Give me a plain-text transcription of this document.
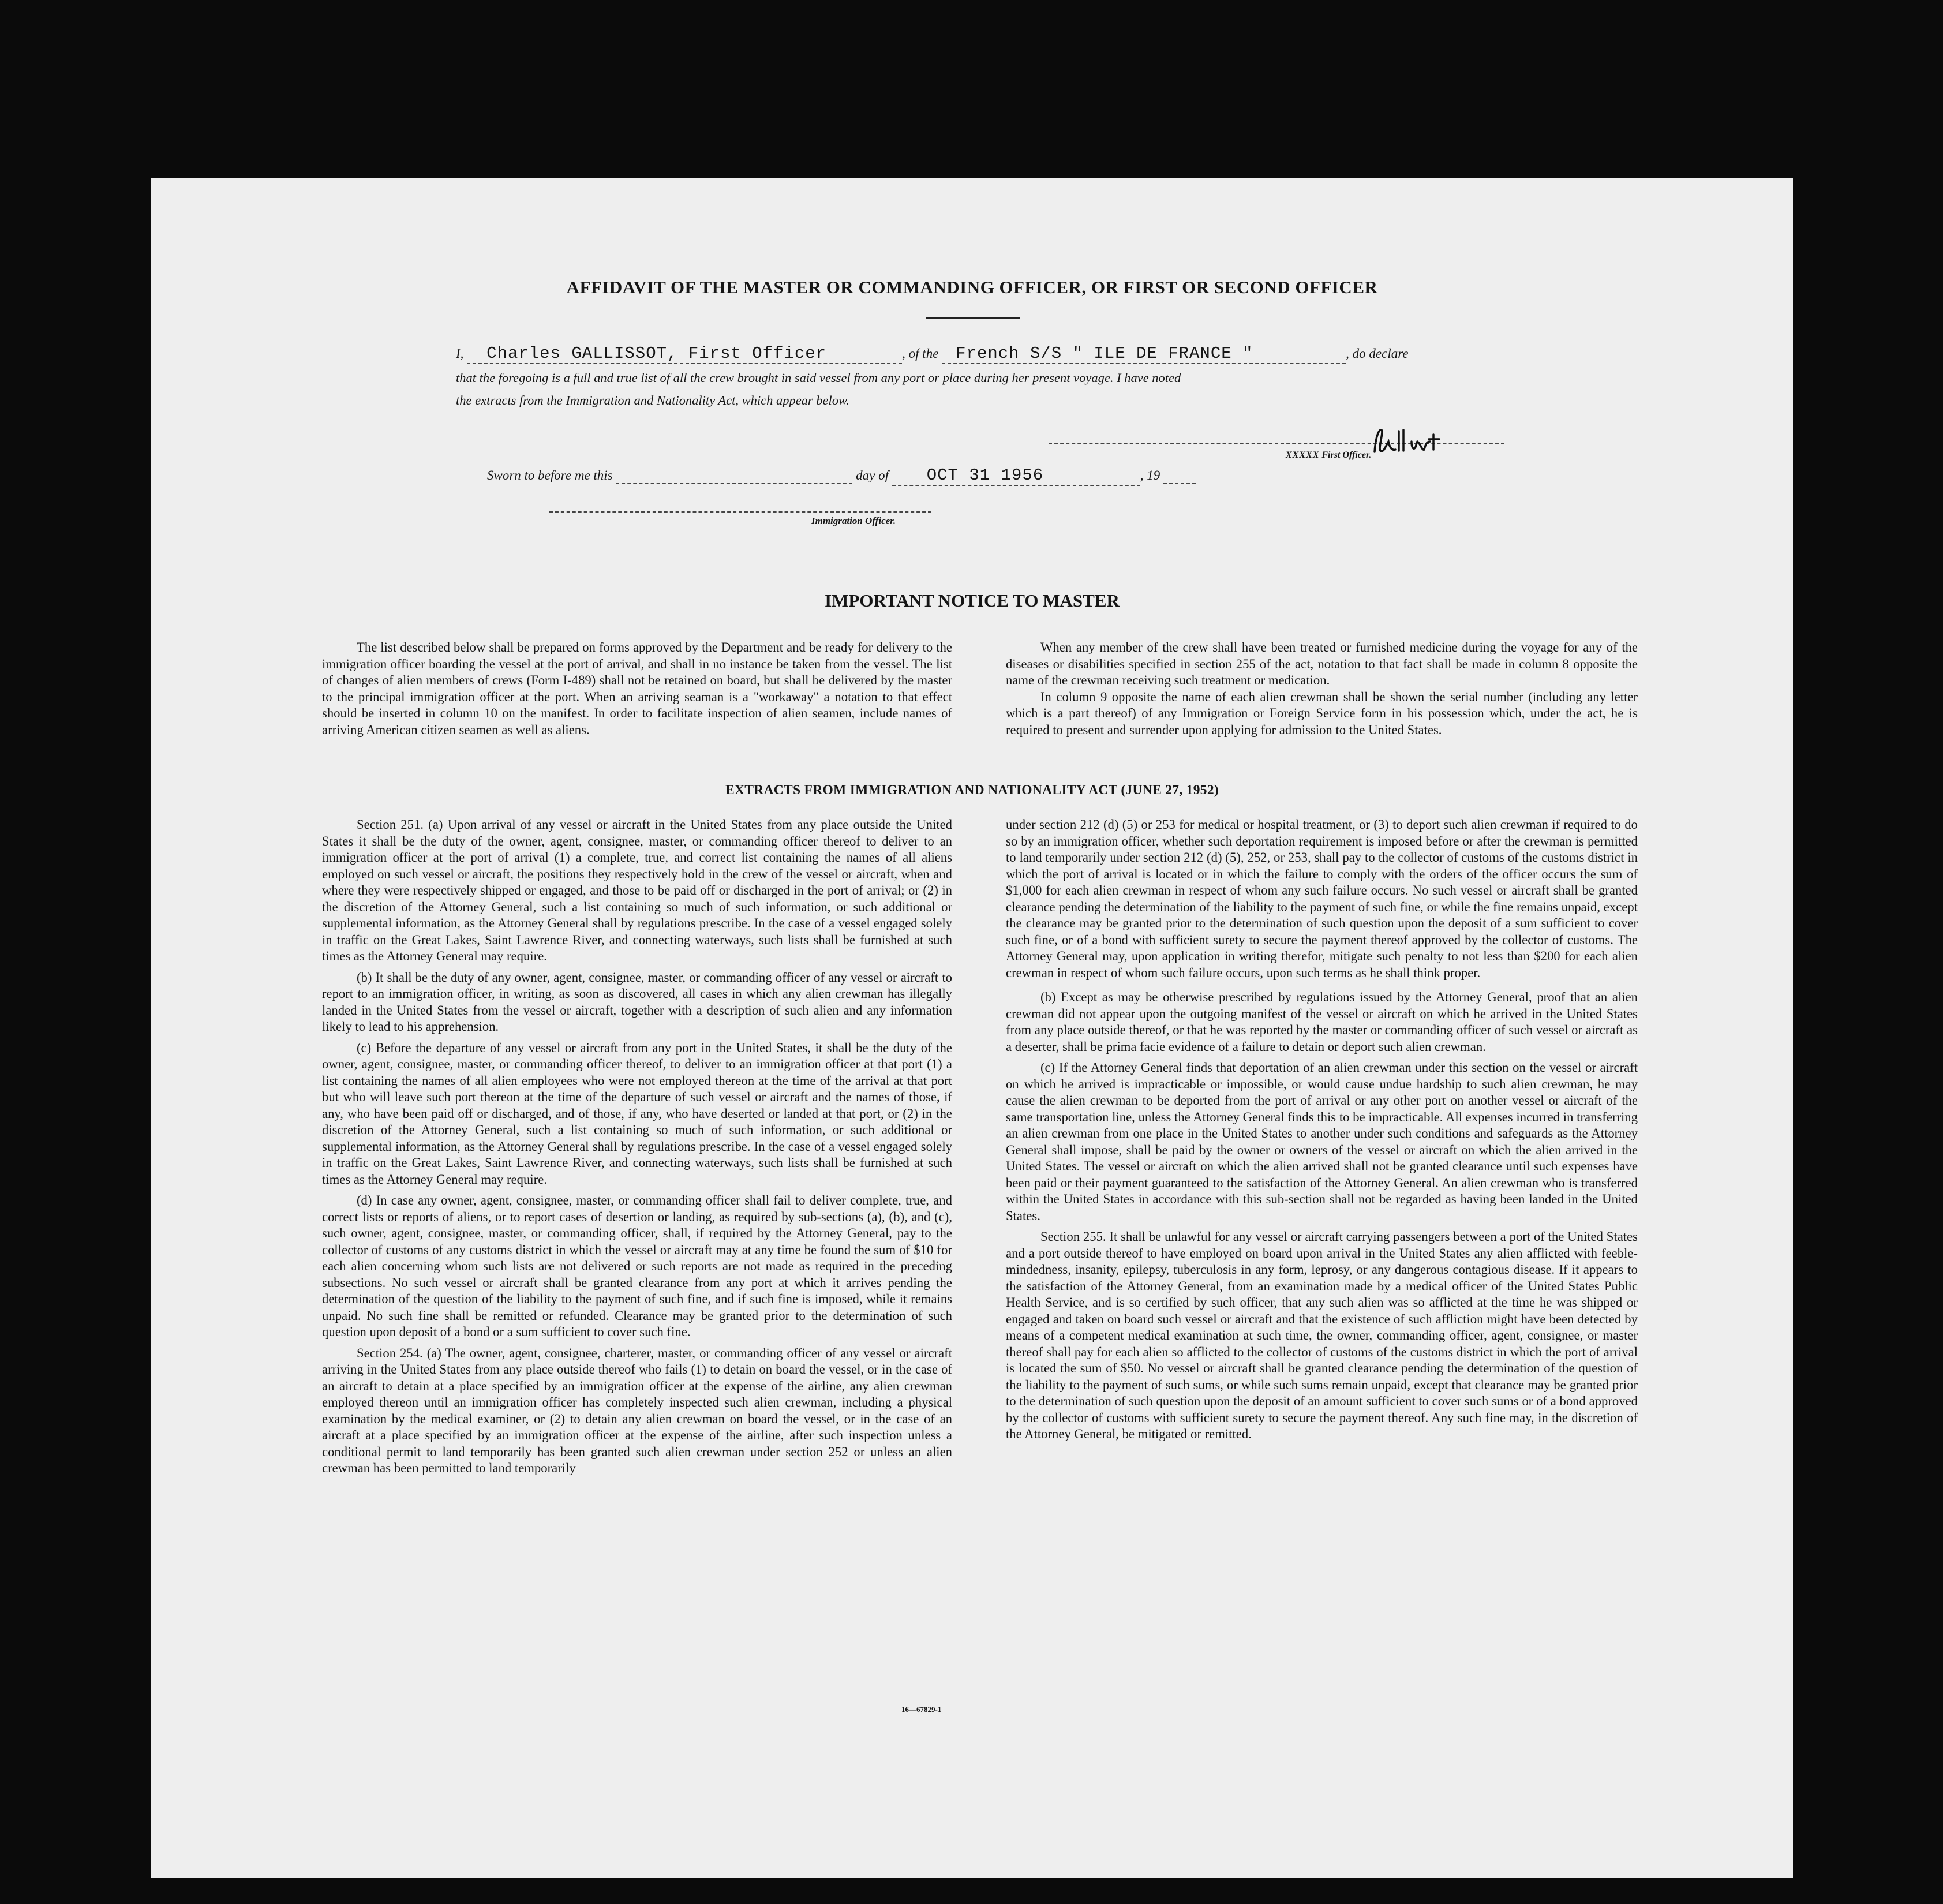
AFFIDAVIT OF THE MASTER OR COMMANDING OFFICER, OR FIRST OR SECOND OFFICER
I, Charles GALLISSOT, First Officer	, of the French S/S " ILE DE FRANCE "	, do declare
that the foregoing is a full and true list of all the crew brought in said vessel from any port or place during her present voyage. I have noted
the extracts from the Immigration and Nationality Act, which appear below.
XXXXX First Officer.
Sworn to before me this	day of OCT 31 1956	, 19
Immigration Officer.
IMPORTANT NOTICE TO MASTER

The list described below shall be prepared on forms approved by the Department and be ready for delivery to the immigration officer boarding the vessel at the port of arrival, and shall in no instance be taken from the vessel. The list of changes of alien members of crews (Form I-489) shall not be retained on board, but shall be delivered by the master to the principal immigration officer at the port. When an arriving seaman is a "workaway" a notation to that effect should be inserted in column 10 on the manifest. In order to facilitate inspection of alien seamen, include names of arriving American citizen seamen as well as aliens.

When any member of the crew shall have been treated or furnished medicine during the voyage for any of the diseases or disabilities specified in section 255 of the act, notation to that fact shall be made in column 8 opposite the name of the crewman receiving such treatment or medication.

In column 9 opposite the name of each alien crewman shall be shown the serial number (including any letter which is a part thereof) of any Immigration or Foreign Service form in his possession which, under the act, he is required to present and surrender upon applying for admission to the United States.

EXTRACTS FROM IMMIGRATION AND NATIONALITY ACT (JUNE 27, 1952)

Section 251. (a) Upon arrival of any vessel or aircraft in the United States from any place outside the United States it shall be the duty of the owner, agent, consignee, master, or commanding officer thereof to deliver to an immigration officer at the port of arrival (1) a complete, true, and correct list containing the names of all aliens employed on such vessel or aircraft, the positions they respectively hold in the crew of the vessel or aircraft, when and where they were respectively shipped or engaged, and those to be paid off or discharged in the port of arrival; or (2) in the discretion of the Attorney General, such a list containing so much of such information, or such additional or supplemental information, as the Attorney General shall by regulations prescribe. In the case of a vessel engaged solely in traffic on the Great Lakes, Saint Lawrence River, and connecting waterways, such lists shall be furnished at such times as the Attorney General may require.

(b) It shall be the duty of any owner, agent, consignee, master, or commanding officer of any vessel or aircraft to report to an immigration officer, in writing, as soon as discovered, all cases in which any alien crewman has illegally landed in the United States from the vessel or aircraft, together with a description of such alien and any information likely to lead to his apprehension.

(c) Before the departure of any vessel or aircraft from any port in the United States, it shall be the duty of the owner, agent, consignee, master, or commanding officer thereof, to deliver to an immigration officer at that port (1) a list containing the names of all alien employees who were not employed thereon at the time of the arrival at that port but who will leave such port thereon at the time of the departure of such vessel or aircraft and the names of those, if any, who have been paid off or discharged, and of those, if any, who have deserted or landed at that port, or (2) in the discretion of the Attorney General, such a list containing so much of such information, or such additional or supplemental information, as the Attorney General shall by regulations prescribe. In the case of a vessel engaged solely in traffic on the Great Lakes, Saint Lawrence River, and connecting waterways, such lists shall be furnished at such times as the Attorney General may require.

(d) In case any owner, agent, consignee, master, or commanding officer shall fail to deliver complete, true, and correct lists or reports of aliens, or to report cases of desertion or landing, as required by sub-sections (a), (b), and (c), such owner, agent, consignee, master, or commanding officer, shall, if required by the Attorney General, pay to the collector of customs of any customs district in which the vessel or aircraft may at any time be found the sum of $10 for each alien concerning whom such lists are not delivered or such reports are not made as required in the preceding subsections. No such vessel or aircraft shall be granted clearance from any port at which it arrives pending the determination of the question of the liability to the payment of such fine, and if such fine is imposed, while it remains unpaid. No such fine shall be remitted or refunded. Clearance may be granted prior to the determination of such question upon deposit of a bond or a sum sufficient to cover such fine.

Section 254. (a) The owner, agent, consignee, charterer, master, or commanding officer of any vessel or aircraft arriving in the United States from any place outside thereof who fails (1) to detain on board the vessel, or in the case of an aircraft to detain at a place specified by an immigration officer at the expense of the airline, any alien crewman employed thereon until an immigration officer has completely inspected such alien crewman, including a physical examination by the medical examiner, or (2) to detain any alien crewman on board the vessel, or in the case of an aircraft at a place specified by an immigration officer at the expense of the airline, after such inspection unless a conditional permit to land temporarily has been granted such alien crewman under section 252 or unless an alien crewman has been permitted to land temporarily

under section 212 (d) (5) or 253 for medical or hospital treatment, or (3) to deport such alien crewman if required to do so by an immigration officer, whether such deportation requirement is imposed before or after the crewman is permitted to land temporarily under section 212 (d) (5), 252, or 253, shall pay to the collector of customs of the customs district in which the port of arrival is located or in which the failure to comply with the orders of the officer occurs the sum of $1,000 for each alien crewman in respect of whom any such failure occurs. No such vessel or aircraft shall be granted clearance pending the determination of the liability to the payment of such fine, or while the fine remains unpaid, except the clearance may be granted prior to the determination of such question upon the deposit of a sum sufficient to cover such fine, or of a bond with sufficient surety to secure the payment thereof approved by the collector of customs. The Attorney General may, upon application in writing therefor, mitigate such penalty to not less than $200 for each alien crewman in respect of whom such failure occurs, upon such terms as he shall think proper.

(b) Except as may be otherwise prescribed by regulations issued by the Attorney General, proof that an alien crewman did not appear upon the outgoing manifest of the vessel or aircraft on which he arrived in the United States from any place outside thereof, or that he was reported by the master or commanding officer of such vessel or aircraft as a deserter, shall be prima facie evidence of a failure to detain or deport such alien crewman.

(c) If the Attorney General finds that deportation of an alien crewman under this section on the vessel or aircraft on which he arrived is impracticable or impossible, or would cause undue hardship to such alien crewman, he may cause the alien crewman to be deported from the port of arrival or any other port on another vessel or aircraft of the same transportation line, unless the Attorney General finds this to be impracticable. All expenses incurred in transferring an alien crewman from one place in the United States to another under such conditions and safeguards as the Attorney General shall impose, shall be paid by the owner or owners of the vessel or aircraft on which the alien arrived in the United States. The vessel or aircraft on which the alien arrived shall not be granted clearance until such expenses have been paid or their payment guaranteed to the satisfaction of the Attorney General. An alien crewman who is transferred within the United States in accordance with this sub-section shall not be regarded as having been landed in the United States.

Section 255. It shall be unlawful for any vessel or aircraft carrying passengers between a port of the United States and a port outside thereof to have employed on board upon arrival in the United States any alien afflicted with feeble-mindedness, insanity, epilepsy, tuberculosis in any form, leprosy, or any dangerous contagious disease. If it appears to the satisfaction of the Attorney General, from an examination made by a medical officer of the United States Public Health Service, and is so certified by such officer, that any such alien was so afflicted at the time he was shipped or engaged and taken on board such vessel or aircraft and that the existence of such affliction might have been detected by means of a competent medical examination at such time, the owner, commanding officer, agent, consignee, or master thereof shall pay for each alien so afflicted to the collector of customs of the customs district in which the port of arrival is located the sum of $50. No vessel or aircraft shall be granted clearance pending the determination of the question of the liability to the payment of such sums, or while such sums remain unpaid, except that clearance may be granted prior to the determination of such question upon the deposit of an amount sufficient to cover such sums or of a bond approved by the collector of customs with sufficient surety to secure the payment thereof. Any such fine may, in the discretion of the Attorney General, be mitigated or remitted.

16—67829-1
